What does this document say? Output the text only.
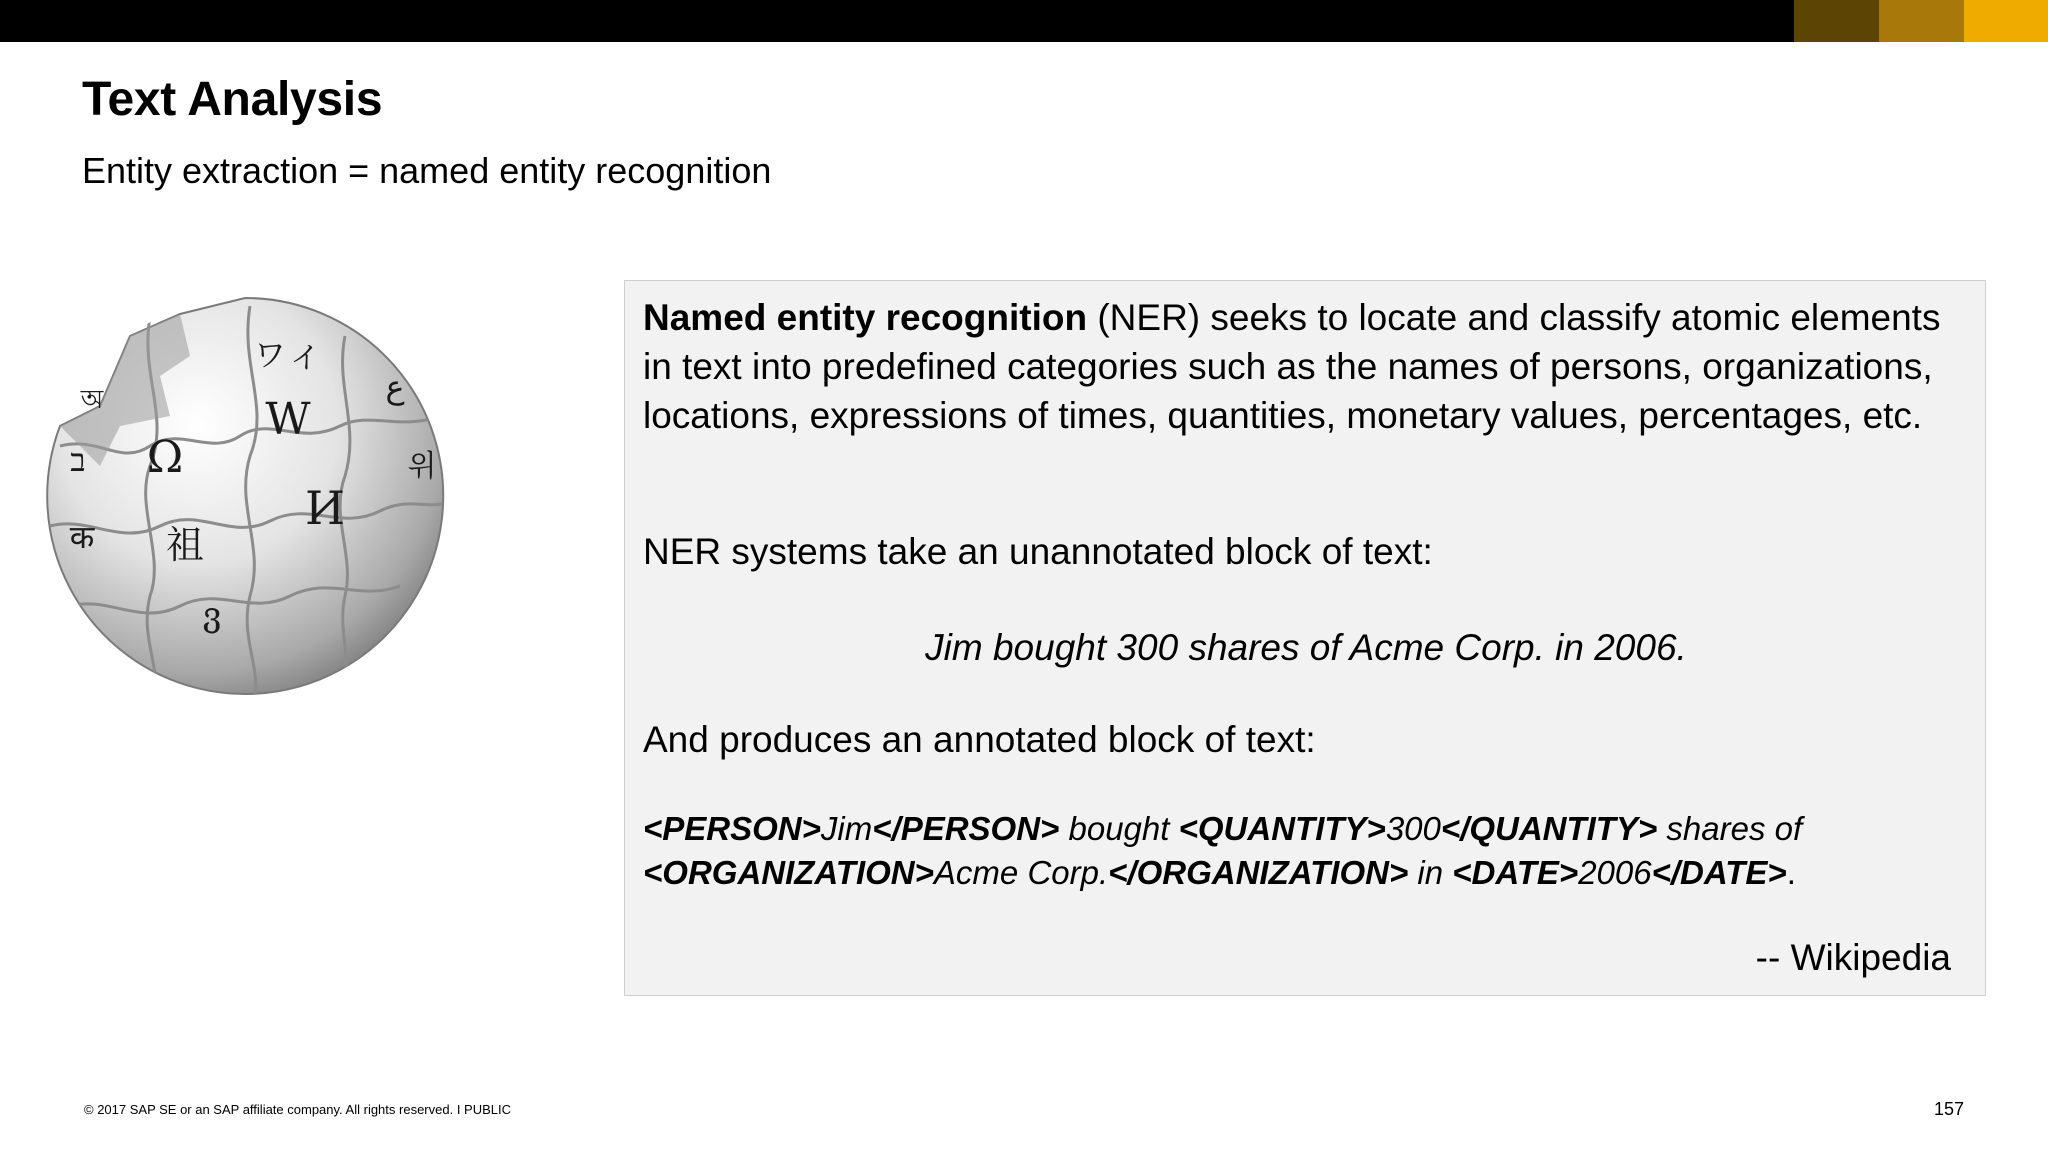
Text Analysis
Entity extraction = named entity recognition
Ω
W
И
ワ イ
祖
क
위
ع
ვ
ב
অ

Named entity recognition (NER) seeks to locate and classify atomic elements in text into predefined categories such as the names of persons, organizations, locations, expressions of times, quantities, monetary values, percentages, etc.

NER systems take an unannotated block of text:

Jim bought 300 shares of Acme Corp. in 2006.

And produces an annotated block of text:

<PERSON>Jim</PERSON> bought <QUANTITY>300</QUANTITY> shares of
<ORGANIZATION>Acme Corp.</ORGANIZATION> in <DATE>2006</DATE>.

-- Wikipedia

© 2017 SAP SE or an SAP affiliate company. All rights reserved. I PUBLIC	157
